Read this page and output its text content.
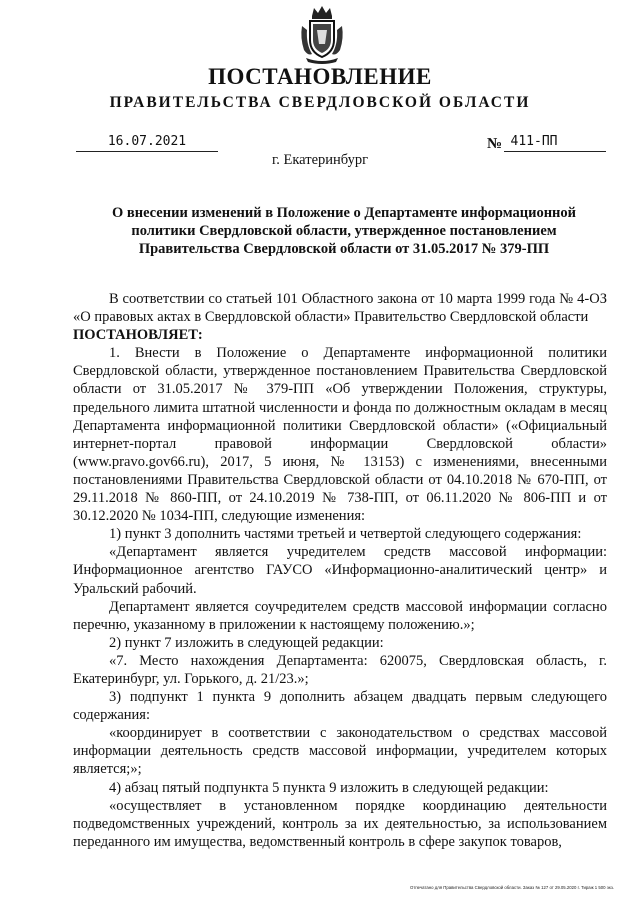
ПОСТАНОВЛЕНИЕ
ПРАВИТЕЛЬСТВА СВЕРДЛОВСКОЙ ОБЛАСТИ
16.07.2021	№ 411-ПП
г. Екатеринбург
О внесении изменений в Положение о Департаменте информационной
политики Свердловской области, утвержденное постановлением
Правительства Свердловской области от 31.05.2017 № 379-ПП

В соответствии со статьей 101 Областного закона от 10 марта 1999 года № 4-ОЗ «О правовых актах в Свердловской области» Правительство Свердловской области

ПОСТАНОВЛЯЕТ:

1. Внести в Положение о Департаменте информационной политики Свердловской области, утвержденное постановлением Правительства Свердловской области от 31.05.2017 № 379-ПП «Об утверждении Положения, структуры, предельного лимита штатной численности и фонда по должностным окладам в месяц Департамента информационной политики Свердловской области» («Официальный интернет-портал правовой информации Свердловской области» (www.pravo.gov66.ru), 2017, 5 июня, № 13153) с изменениями, внесенными постановлениями Правительства Свердловской области от 04.10.2018 № 670-ПП, от 29.11.2018 № 860-ПП, от 24.10.2019 № 738-ПП, от 06.11.2020 № 806-ПП и от 30.12.2020 № 1034-ПП, следующие изменения:

1) пункт 3 дополнить частями третьей и четвертой следующего содержания:

«Департамент является учредителем средств массовой информации: Информационное агентство ГАУСО «Информационно-аналитический центр» и Уральский рабочий.

Департамент является соучредителем средств массовой информации согласно перечню, указанному в приложении к настоящему положению.»;

2) пункт 7 изложить в следующей редакции:

«7. Место нахождения Департамента: 620075, Свердловская область, г. Екатеринбург, ул. Горького, д. 21/23.»;

3) подпункт 1 пункта 9 дополнить абзацем двадцать первым следующего содержания:

«координирует в соответствии с законодательством о средствах массовой информации деятельность средств массовой информации, учредителем которых является;»;

4) абзац пятый подпункта 5 пункта 9 изложить в следующей редакции:

«осуществляет в установленном порядке координацию деятельности подведомственных учреждений, контроль за их деятельностью, за использованием переданного им имущества, ведомственный контроль в сфере закупок товаров,

Отпечатано для Правительства Свердловской области. Заказ № 127 от 29.05.2020 г. Тираж 1 500 экз.
